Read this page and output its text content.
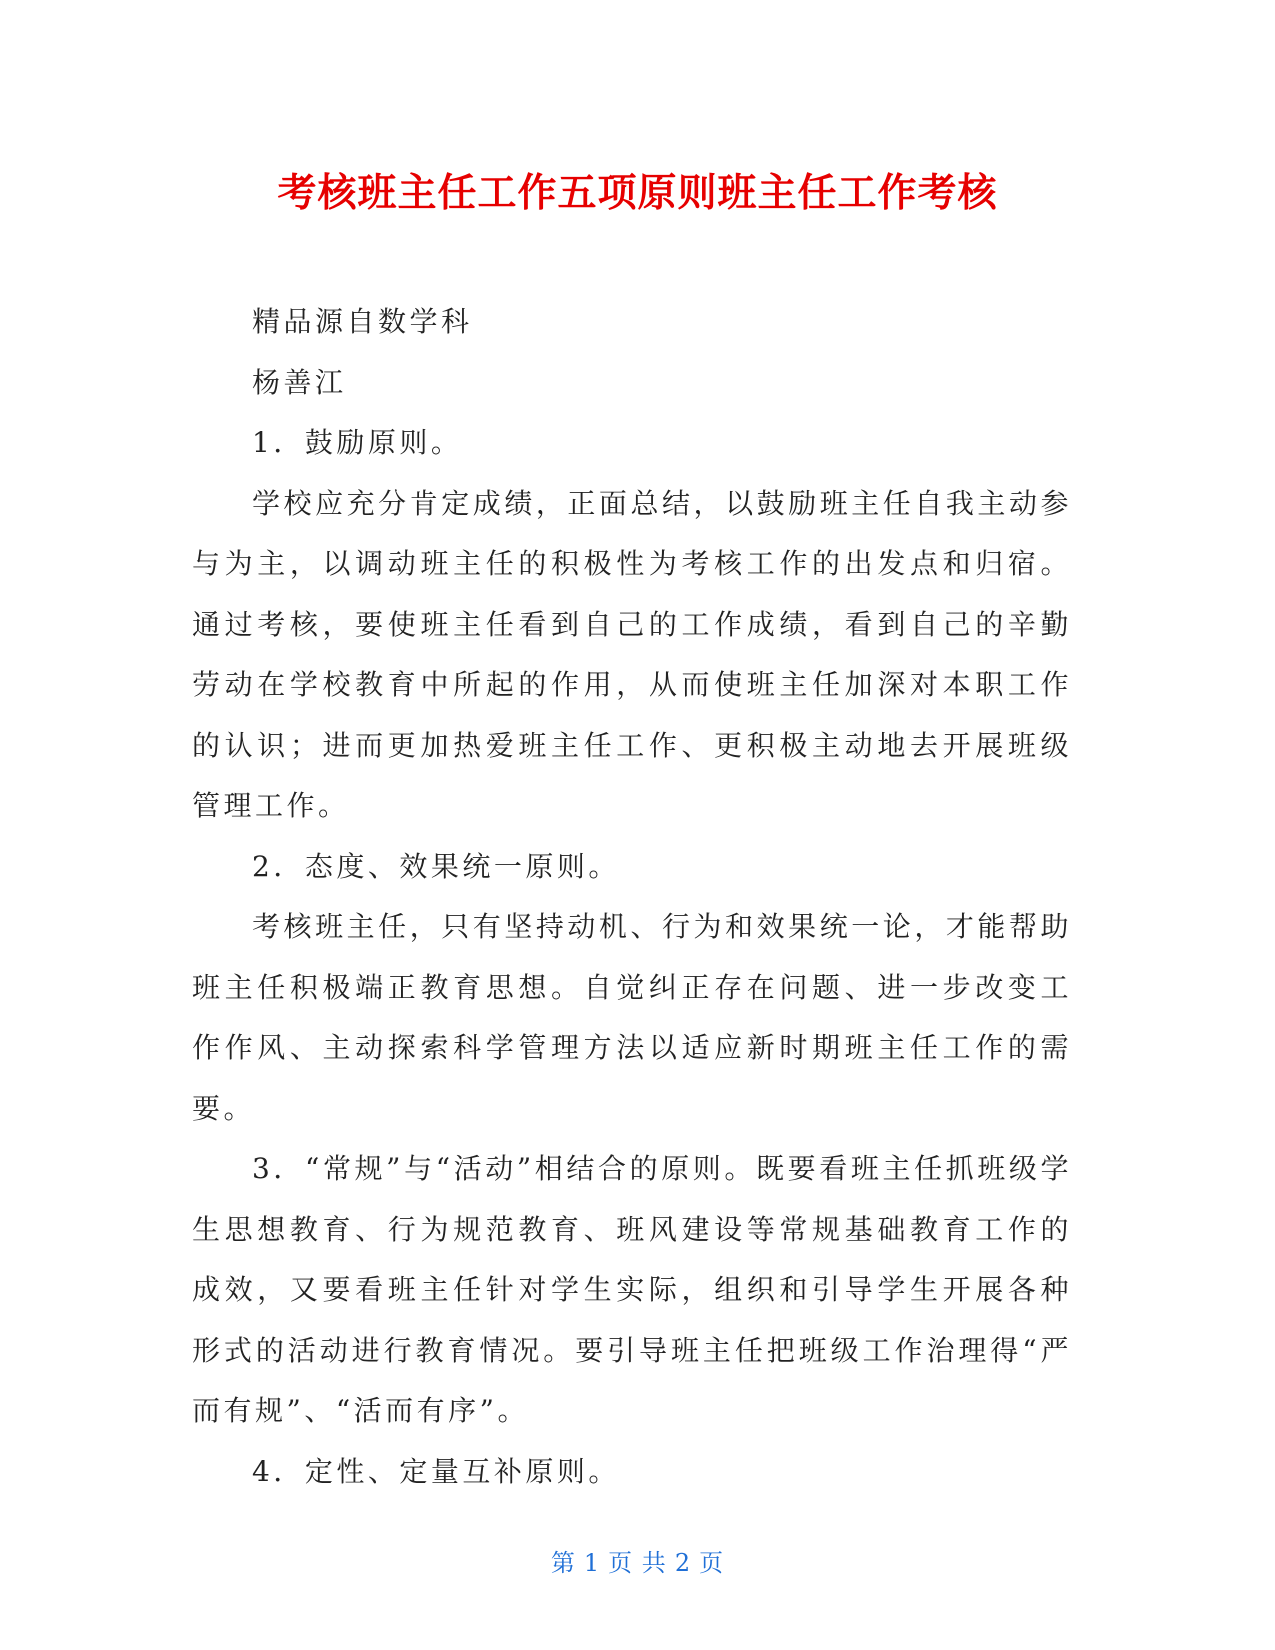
考核班主任工作五项原则班主任工作考核

精品源自数学科

杨善江

1．鼓励原则。

学校应充分肯定成绩，正面总结，以鼓励班主任自我主动参与为主，以调动班主任的积极性为考核工作的出发点和归宿。通过考核，要使班主任看到自己的工作成绩，看到自己的辛勤劳动在学校教育中所起的作用，从而使班主任加深对本职工作的认识；进而更加热爱班主任工作、更积极主动地去开展班级管理工作。

2．态度、效果统一原则。

考核班主任，只有坚持动机、行为和效果统一论，才能帮助班主任积极端正教育思想。自觉纠正存在问题、进一步改变工作作风、主动探索科学管理方法以适应新时期班主任工作的需要。

3．“常规”与“活动”相结合的原则。既要看班主任抓班级学生思想教育、行为规范教育、班风建设等常规基础教育工作的成效，又要看班主任针对学生实际，组织和引导学生开展各种形式的活动进行教育情况。要引导班主任把班级工作治理得“严而有规”、“活而有序”。

4．定性、定量互补原则。

第 1 页 共 2 页
